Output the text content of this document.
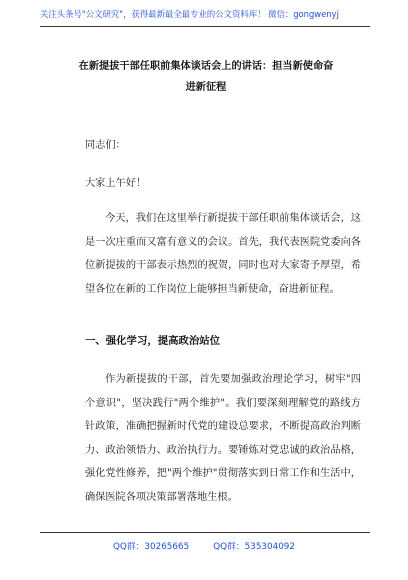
关注头条号"公文研究"，获得最新最全最专业的公文资料库！ 微信：gongwenyj
在新提拔干部任职前集体谈话会上的讲话：担当新使命奋
进新征程

同志们：

大家上午好！

今天，我们在这里举行新提拔干部任职前集体谈话会，这是一次庄重而又富有意义的会议。首先，我代表医院党委向各位新提拔的干部表示热烈的祝贺，同时也对大家寄予厚望，希望各位在新的工作岗位上能够担当新使命，奋进新征程。

一、强化学习，提高政治站位

作为新提拔的干部，首先要加强政治理论学习，树牢"四个意识"，坚决践行"两个维护"。我们要深刻理解党的路线方针政策，准确把握新时代党的建设总要求，不断提高政治判断力、政治领悟力、政治执行力。要锤炼对党忠诚的政治品格，强化党性修养，把"两个维护"贯彻落实到日常工作和生活中，确保医院各项决策部署落地生根。

QQ群：30265665	QQ群：535304092
